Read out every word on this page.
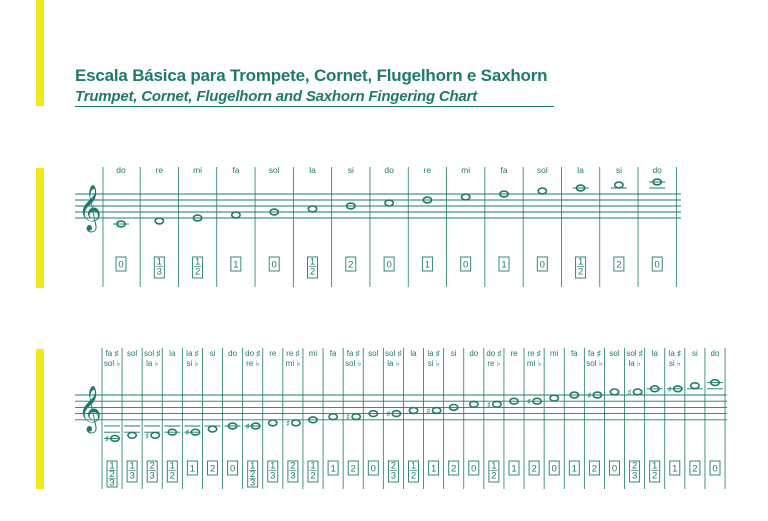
Escala Básica para Trompete, Cornet, Flugelhorn e Saxhorn
Trumpet, Cornet, Flugelhorn and Saxhorn Fingering Chart
𝄞
do
0
re
1
3
mi
1
2
fa
1
sol
0
la
1
2
si
2
do
0
re
1
mi
0
fa
1
sol
0
la
1
2
si
2
do
0
𝄞
fa ♯
sol ♭
♯
1
2
3
sol
1
3
sol ♯
la ♭
♯
2
3
la
1
2
la ♯
si ♭
♯
1
si
2
do
0
do ♯
re ♭
♯
1
2
3
re
1
3
re ♯
mi ♭
♯
2
3
mi
1
2
fa
1
fa ♯
sol ♭
♯
2
sol
0
sol ♯
la ♭
♯
2
3
la
1
2
la ♯
si ♭
♯
1
si
2
do
0
do ♯
re ♭
♯
1
2
re
1
re ♯
mi ♭
♯
2
mi
0
fa
1
fa ♯
sol ♭
♯
2
sol
0
sol ♯
la ♭
♯
2
3
la
1
2
la ♯
si ♭
♯
1
si
2
do
0
